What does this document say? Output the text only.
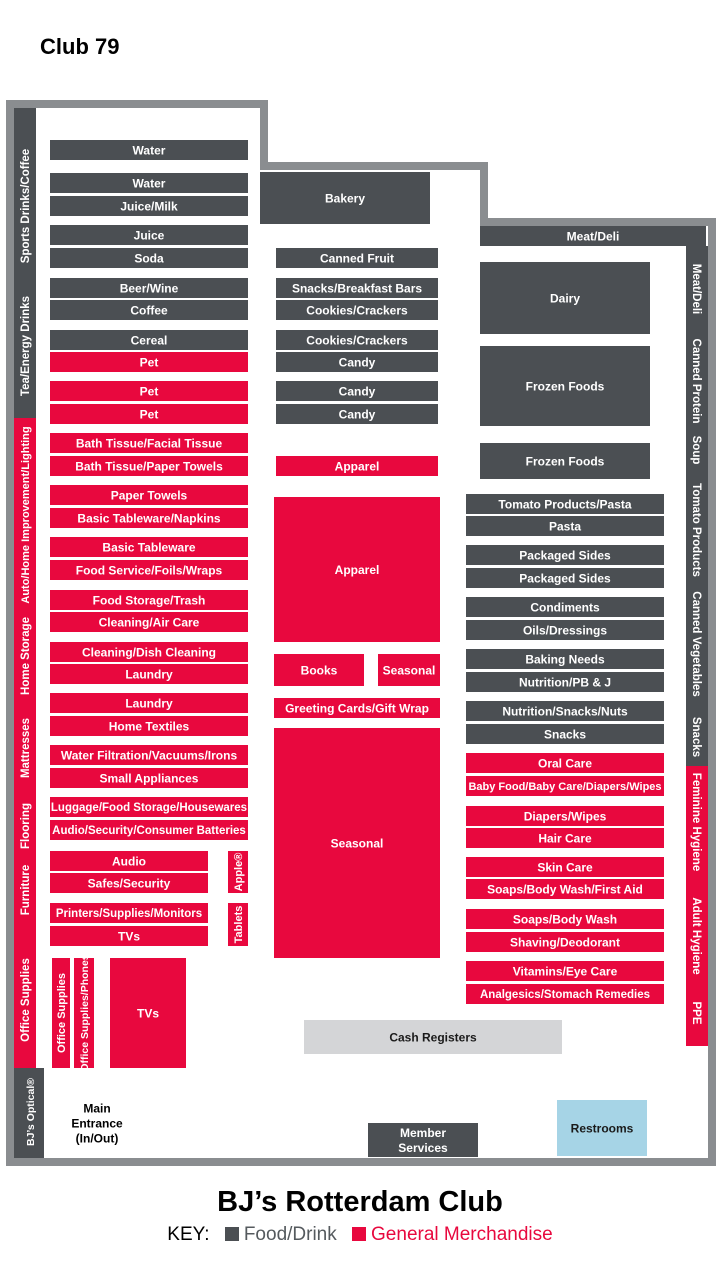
Club 79
Water
Water
Juice/Milk
Juice
Soda
Beer/Wine
Coffee
Cereal
Pet
Pet
Pet
Bath Tissue/Facial Tissue
Bath Tissue/Paper Towels
Paper Towels
Basic Tableware/Napkins
Basic Tableware
Food Service/Foils/Wraps
Food Storage/Trash
Cleaning/Air Care
Cleaning/Dish Cleaning
Laundry
Laundry
Home Textiles
Water Filtration/Vacuums/Irons
Small Appliances
Luggage/Food Storage/Housewares
Audio/Security/Consumer Batteries
Audio
Safes/Security
Printers/Supplies/Monitors
TVs
Apple®
Tablets
Office Supplies Office Supplies/Phones	TVs
Bakery
Canned Fruit
Snacks/Breakfast Bars
Cookies/Crackers
Cookies/Crackers
Candy
Candy
Candy
Apparel
Apparel
Books	Seasonal
Greeting Cards/Gift Wrap
Seasonal
Meat/Deli
Dairy
Frozen Foods
Frozen Foods
Tomato Products/Pasta
Pasta
Packaged Sides
Packaged Sides
Condiments
Oils/Dressings
Baking Needs
Nutrition/PB & J
Nutrition/Snacks/Nuts
Snacks
Oral Care
Baby Food/Baby Care/Diapers/Wipes
Diapers/Wipes
Hair Care
Skin Care
Soaps/Body Wash/First Aid
Soaps/Body Wash
Shaving/Deodorant
Vitamins/Eye Care
Analgesics/Stomach Remedies
Cash Registers
Restrooms
Member
Services
Main
Entrance
(In/Out)
Sports Drinks/Coffee
Tea/Energy Drinks
Auto/Home Improvement/Lighting
Home Storage
Mattresses
Flooring
Furniture
Office Supplies
BJ’s Optical®
Meat/Deli
Canned Protein
Soup
Tomato Products
Canned Vegetables
Snacks
Feminine Hygiene
Adult Hygiene
PPE
BJ’s Rotterdam Club
KEY: Food/Drink General Merchandise
